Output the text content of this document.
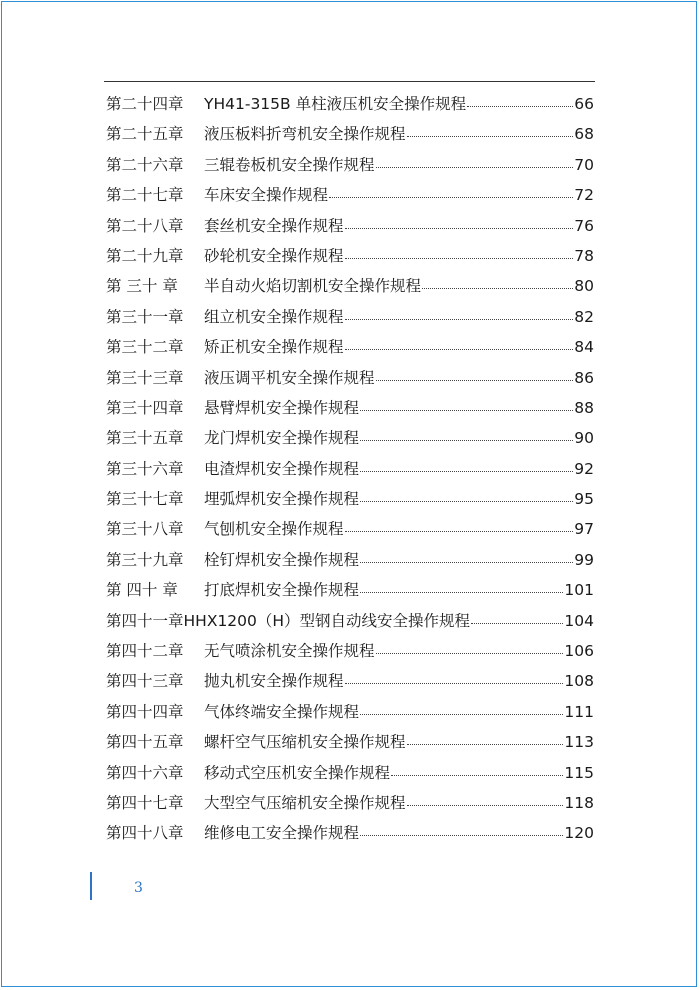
第二十四章	YH41-315B 单柱液压机安全操作规程	66
第二十五章	液压板料折弯机安全操作规程	68
第二十六章	三辊卷板机安全操作规程	70
第二十七章	车床安全操作规程	72
第二十八章	套丝机安全操作规程	76
第二十九章	砂轮机安全操作规程	78
第 三十 章	半自动火焰切割机安全操作规程	80
第三十一章	组立机安全操作规程	82
第三十二章	矫正机安全操作规程	84
第三十三章	液压调平机安全操作规程	86
第三十四章	悬臂焊机安全操作规程	88
第三十五章	龙门焊机安全操作规程	90
第三十六章	电渣焊机安全操作规程	92
第三十七章	埋弧焊机安全操作规程	95
第三十八章	气刨机安全操作规程	97
第三十九章	栓钉焊机安全操作规程	99
第 四十 章	打底焊机安全操作规程	101
第四十一章 HHX1200（H）型钢自动线安全操作规程	104
第四十二章	无气喷涂机安全操作规程	106
第四十三章	抛丸机安全操作规程	108
第四十四章	气体终端安全操作规程	111
第四十五章	螺杆空气压缩机安全操作规程	113
第四十六章	移动式空压机安全操作规程	115
第四十七章	大型空气压缩机安全操作规程	118
第四十八章	维修电工安全操作规程	120
3
